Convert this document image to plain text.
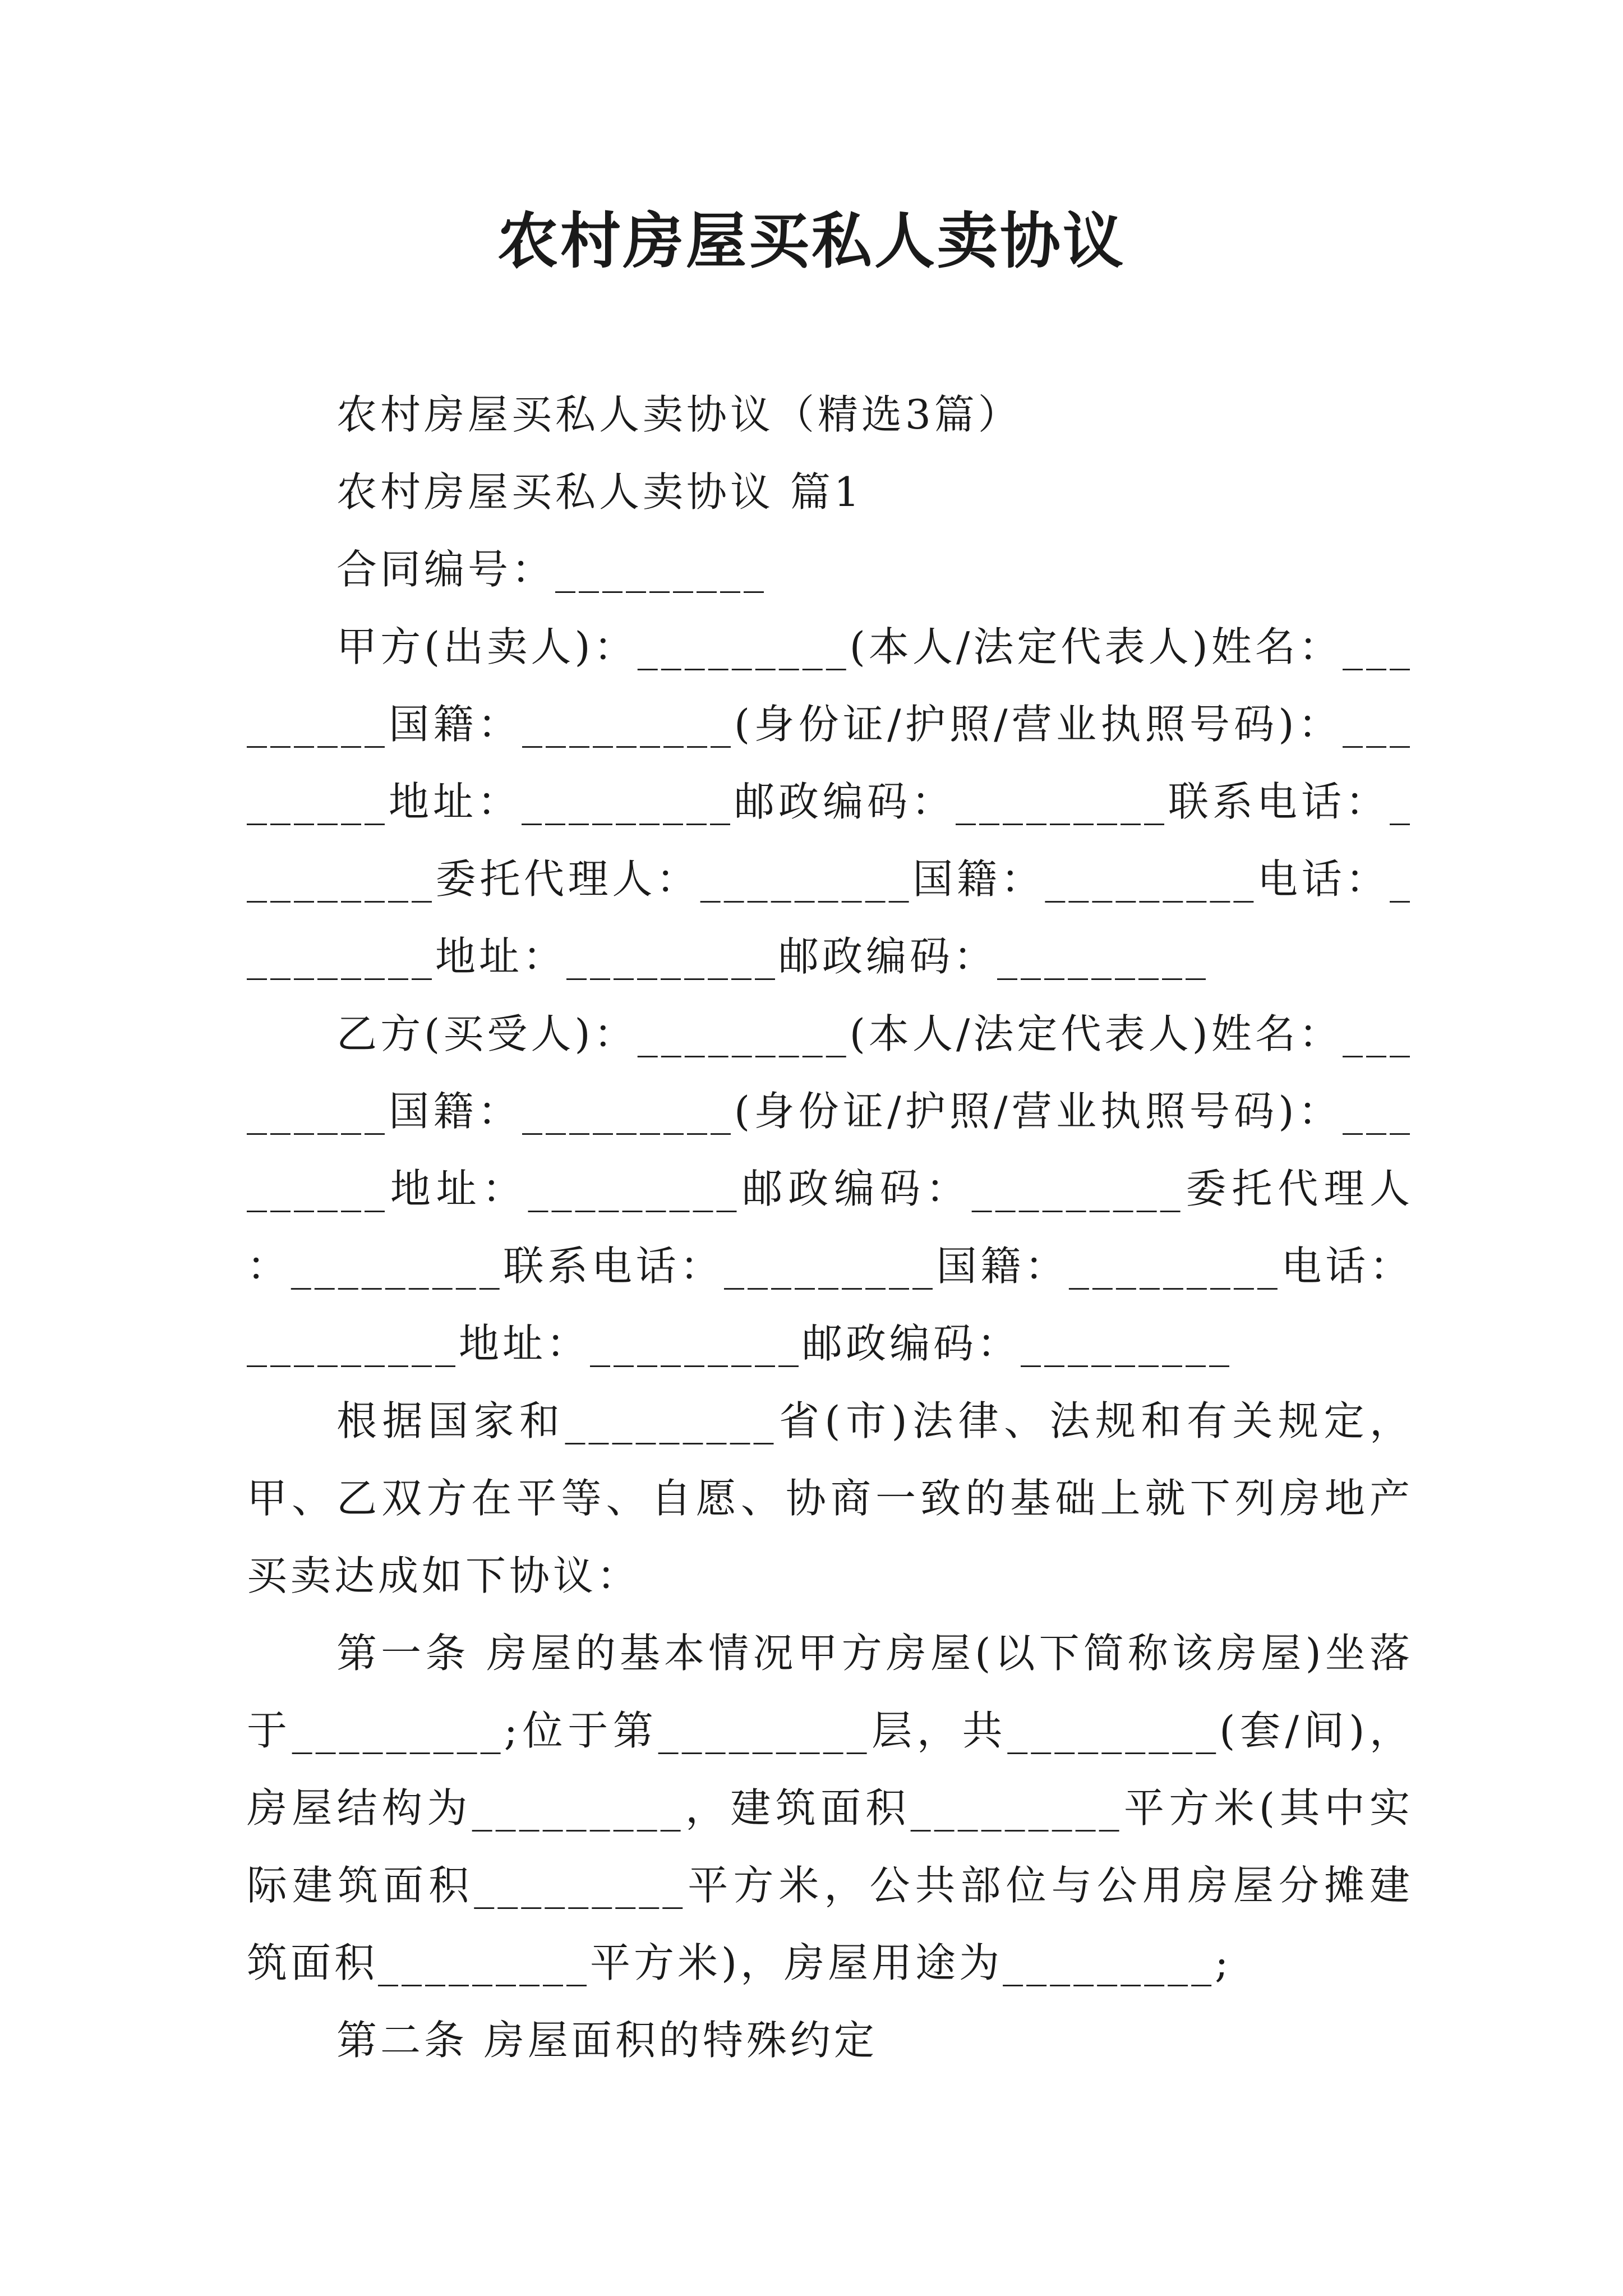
农村房屋买私人卖协议

农村房屋买私人卖协议（精选3篇）

农村房屋买私人卖协议 篇1

合同编号：_________

甲方(出卖人)：_________(本人/法定代表人)姓名：_________国籍：_________(身份证/护照/营业执照号码)：_________地址：_________邮政编码：_________联系电话：_________委托代理人：_________国籍：_________电话：_________地址：_________邮政编码：_________

乙方(买受人)：_________(本人/法定代表人)姓名：_________国籍：_________(身份证/护照/营业执照号码)：_________地址：_________邮政编码：_________委托代理人：_________联系电话：_________国籍：_________电话：_________地址：_________邮政编码：_________

根据国家和_________省(市)法律、法规和有关规定，甲、乙双方在平等、自愿、协商一致的基础上就下列房地产买卖达成如下协议：

第一条 房屋的基本情况甲方房屋(以下简称该房屋)坐落于_________;位于第_________层，共_________(套/间)，房屋结构为_________，建筑面积_________平方米(其中实际建筑面积_________平方米，公共部位与公用房屋分摊建筑面积_________平方米)，房屋用途为_________;

第二条 房屋面积的特殊约定
